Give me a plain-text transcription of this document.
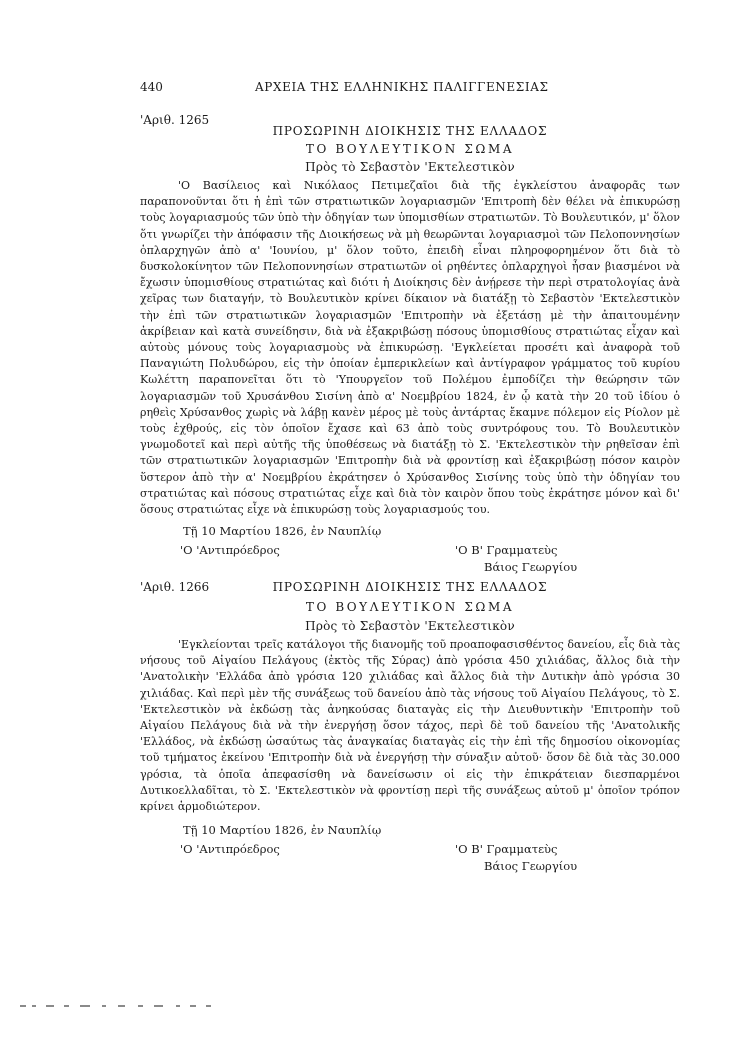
440	ΑΡΧΕΙΑ ΤΗΣ ΕΛΛΗΝΙΚΗΣ ΠΑΛΙΓΓΕΝΕΣΙΑΣ
'Αριθ. 1265
ΠΡΟΣΩΡΙΝΗ ΔΙΟΙΚΗΣΙΣ ΤΗΣ ΕΛΛΑΔΟΣ
ΤΟ ΒΟΥΛΕΥΤΙΚΟΝ ΣΩΜΑ
Πρὸς τὸ Σεβαστὸν 'Εκτελεστικὸν

'Ο Βασίλειος καὶ Νικόλαος Πετιμεζαῖοι διὰ τῆς ἐγκλείστου ἀναφορᾶς των παραπονοῦνται ὅτι ἡ ἐπὶ τῶν στρατιωτικῶν λογαριασμῶν 'Επιτροπὴ δὲν θέλει νὰ ἐπικυρώσῃ τοὺς λογαριασμούς τῶν ὑπὸ τὴν ὁδηγίαν των ὑπομισθίων στρατιωτῶν. Τὸ Βουλευτικόν, μ' ὅλον ὅτι γνωρίζει τὴν ἀπόφασιν τῆς Διοικήσεως νὰ μὴ θεωρῶνται λογαριασμοὶ τῶν Πελοποννησίων ὁπλαρχηγῶν ἀπὸ α' 'Ιουνίου, μ' ὅλον τοῦτο, ἐπειδὴ εἶναι πληροφορημένον ὅτι διὰ τὸ δυσκολοκίνητον τῶν Πελοποννησίων στρατιωτῶν οἱ ρηθέντες ὁπλαρχηγοὶ ἦσαν βιασμένοι νὰ ἔχωσιν ὑπομισθίους στρατιώτας καὶ διότι ἡ Διοίκησις δὲν ἀνῄρεσε τὴν περὶ στρατολογίας ἀνὰ χεῖρας των διαταγήν, τὸ Βουλευτικὸν κρίνει δίκαιον νὰ διατάξῃ τὸ Σεβαστὸν 'Εκτελεστικὸν τὴν ἐπὶ τῶν στρατιωτικῶν λογαριασμῶν 'Επιτροπὴν νὰ ἐξετάσῃ μὲ τὴν ἀπαιτουμένην ἀκρίβειαν καὶ κατὰ συνείδησιν, διὰ νὰ ἐξακριβώσῃ πόσους ὑπομισθίους στρατιώτας εἶχαν καὶ αὐτοὺς μόνους τοὺς λογαριασμοὺς νὰ ἐπικυρώσῃ. 'Εγκλείεται προσέτι καὶ ἀναφορὰ τοῦ Παναγιώτη Πολυδώρου, εἰς τὴν ὁποίαν ἐμπερικλείων καὶ ἀντίγραφον γράμματος τοῦ κυρίου Κωλέττη παραπονεῖται ὅτι τὸ 'Υπουργεῖον τοῦ Πολέμου ἐμποδίζει τὴν θεώρησιν τῶν λογαριασμῶν τοῦ Χρυσάνθου Σισίνη ἀπὸ α' Νοεμβρίου 1824, ἐν ᾧ κατὰ τὴν 20 τοῦ ἰδίου ὁ ρηθεὶς Χρύσανθος χωρὶς νὰ λάβῃ κανὲν μέρος μὲ τοὺς ἀντάρτας ἔκαμνε πόλεμον εἰς Ρίολον μὲ τοὺς ἐχθρούς, εἰς τὸν ὁποῖον ἔχασε καὶ 63 ἀπὸ τοὺς συντρόφους του. Τὸ Βουλευτικὸν γνωμοδοτεῖ καὶ περὶ αὐτῆς τῆς ὑποθέσεως νὰ διατάξῃ τὸ Σ. 'Εκτελεστικὸν τὴν ρηθεῖσαν ἐπὶ τῶν στρατιωτικῶν λογαριασμῶν 'Επιτροπὴν διὰ νὰ φροντίσῃ καὶ ἐξακριβώσῃ πόσον καιρὸν ὕστερον ἀπὸ τὴν α' Νοεμβρίου ἐκράτησεν ὁ Χρύσανθος Σισίνης τοὺς ὑπὸ τὴν ὁδηγίαν του στρατιώτας καὶ πόσους στρατιώτας εἶχε καὶ διὰ τὸν καιρὸν ὅπου τοὺς ἐκράτησε μόνον καὶ δι' ὅσους στρατιώτας εἶχε νὰ ἐπικυρώσῃ τοὺς λογαριασμούς του.

Τῇ 10 Μαρτίου 1826, ἐν Ναυπλίῳ
'Ο 'Αντιπρόεδρος	'Ο Β' Γραμματεὺς
Βάιος Γεωργίου
'Αριθ. 1266	ΠΡΟΣΩΡΙΝΗ ΔΙΟΙΚΗΣΙΣ ΤΗΣ ΕΛΛΑΔΟΣ
ΤΟ ΒΟΥΛΕΥΤΙΚΟΝ ΣΩΜΑ
Πρὸς τὸ Σεβαστὸν 'Εκτελεστικὸν

'Εγκλείονται τρεῖς κατάλογοι τῆς διανομῆς τοῦ προαποφασισθέντος δανείου, εἷς διὰ τὰς νήσους τοῦ Αἰγαίου Πελάγους (ἐκτὸς τῆς Σύρας) ἀπὸ γρόσια 450 χιλιάδας, ἄλλος διὰ τὴν 'Ανατολικὴν 'Ελλάδα ἀπὸ γρόσια 120 χιλιάδας καὶ ἄλλος διὰ τὴν Δυτικὴν ἀπὸ γρόσια 30 χιλιάδας. Καὶ περὶ μὲν τῆς συνάξεως τοῦ δανείου ἀπὸ τὰς νήσους τοῦ Αἰγαίου Πελάγους, τὸ Σ. 'Εκτελεστικὸν νὰ ἐκδώσῃ τὰς ἀνηκούσας διαταγὰς εἰς τὴν Διευθυντικὴν 'Επιτροπὴν τοῦ Αἰγαίου Πελάγους διὰ νὰ τὴν ἐνεργήσῃ ὅσον τάχος, περὶ δὲ τοῦ δανείου τῆς 'Ανατολικῆς 'Ελλάδος, νὰ ἐκδώσῃ ὡσαύτως τὰς ἀναγκαίας διαταγὰς εἰς τὴν ἐπὶ τῆς δημοσίου οἰκονομίας τοῦ τμήματος ἐκείνου 'Επιτροπὴν διὰ νὰ ἐνεργήσῃ τὴν σύναξιν αὐτοῦ· ὅσον δὲ διὰ τὰς 30.000 γρόσια, τὰ ὁποῖα ἀπεφασίσθη νὰ δανείσωσιν οἱ εἰς τὴν ἐπικράτειαν διεσπαρμένοι Δυτικοελλαδῖται, τὸ Σ. 'Εκτελεστικὸν νὰ φροντίσῃ περὶ τῆς συνάξεως αὐτοῦ μ' ὁποῖον τρόπον κρίνει ἁρμοδιώτερον.

Τῇ 10 Μαρτίου 1826, ἐν Ναυπλίῳ
'Ο 'Αντιπρόεδρος	'Ο Β' Γραμματεὺς
Βάιος Γεωργίου
